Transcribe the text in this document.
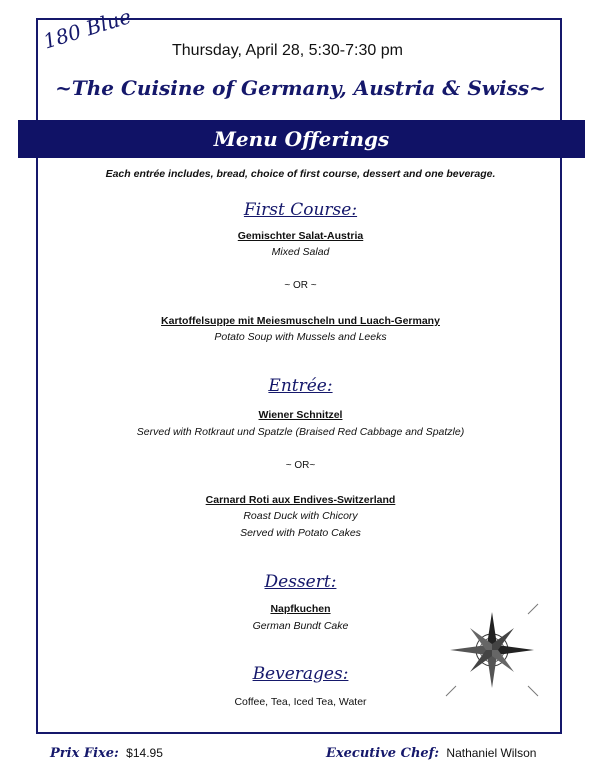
180 Blue Thursday, April 28, 5:30-7:30 pm
~The Cuisine of Germany, Austria & Swiss~
Menu Offerings
Each entrée includes, bread, choice of first course, dessert and one beverage.
First Course:
Gemischter Salat-Austria
Mixed Salad
~ OR ~
Kartoffelsuppe mit Meiesmuscheln und Luach-Germany
Potato Soup with Mussels and Leeks
Entrée:
Wiener Schnitzel
Served with Rotkraut und Spatzle (Braised Red Cabbage and Spatzle)
~ OR~
Carnard Roti aux Endives-Switzerland
Roast Duck with Chicory
Served with Potato Cakes
Dessert:
Napfkuchen
German Bundt Cake
Beverages:
Coffee, Tea, Iced Tea, Water
Prix Fixe: $14.95	Executive Chef: Nathaniel Wilson
